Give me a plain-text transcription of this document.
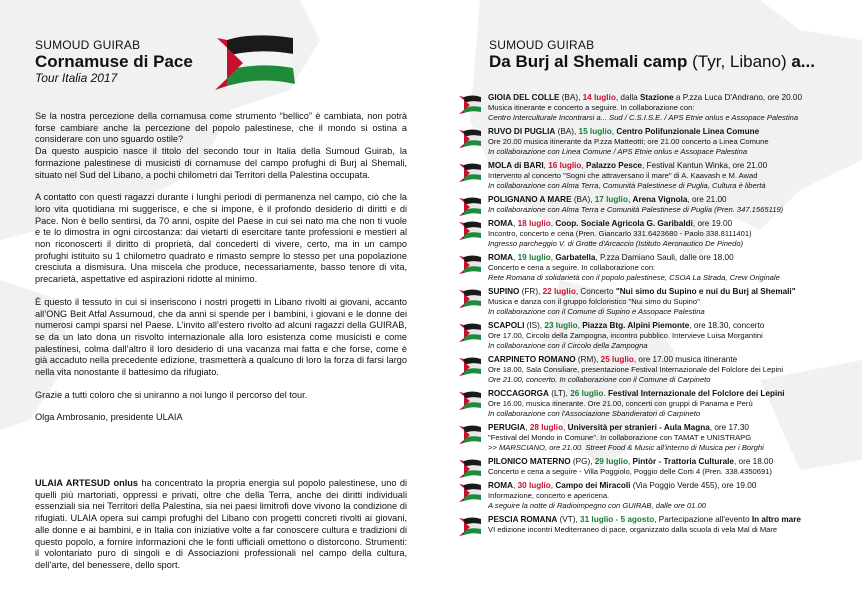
SUMOUD GUIRAB

Cornamuse di Pace

Tour Italia 2017

Se la nostra percezione della cornamusa come strumento “bellico” è cambiata, non potrà forse cambiare anche la percezione del popolo palestinese, che il mondo si ostina a considerare con uno sguardo ostile?

Da questo auspicio nasce il titolo del secondo tour in Italia della Sumoud Guirab, la formazione palestinese di musicisti di cornamuse del campo profughi di Burj al Shemali, situato nel Sud del Libano, a pochi chilometri dai Territori della Palestina occupata.

A contatto con questi ragazzi durante i lunghi periodi di permanenza nel campo, ciò che la loro vita quotidiana mi suggerisce, e che si impone, è il profondo desiderio di diritti e di Pace. Non è bello sentirsi, da 70 anni, ospite del Paese in cui sei nato ma che non ti vuole e te lo dimostra in ogni circostanza: dai vietarti di esercitare tante professioni e mestieri al non riconoscerti il diritto di proprietà, dal concederti di vivere, certo, ma in un campo profughi istituito su 1 chilometro quadrato e rimasto sempre lo stesso per una popolazione cresciuta a dismisura. Una miscela che produce, necessariamente, basso tenore di vita, precarietà, aspettative ed aspirazioni ridotte al minimo.

È questo il tessuto in cui si inseriscono i nostri progetti in Libano rivolti ai giovani, accanto all’ONG Beit Atfal Assumoud, che da anni si spende per i bambini, i giovani e le donne dei numerosi campi sparsi nel Paese. L’invito all’estero rivolto ad alcuni ragazzi della GUIRAB, se da un lato dona un risvolto internazionale alla loro esistenza come musicisti e come palestinesi, colma dall’altro il loro desiderio di una vacanza mai fatta e che forse, come è già accaduto nella precedente edizione, trasmetterà a qualcuno di loro la forza di farsi largo nella vita nonostante il battesimo da rifugiato.

Grazie a tutti coloro che si uniranno a noi lungo il percorso del tour.

Olga Ambrosanio, presidente ULAIA

ULAIA ARTESUD onlus ha concentrato la propria energia sul popolo palestinese, uno di quelli più martoriati, oppressi e privati, oltre che della Terra, anche dei diritti individuali essenziali sia nei Territori della Palestina, sia nei paesi limitrofi dove vivono la condizione di rifugiati. ULAIA opera sui campi profughi del Libano con progetti concreti rivolti ai giovani, alle donne e ai bambini, e in Italia con iniziative volte a far conoscere cultura e tradizioni di questo popolo, a fornire informazioni che le fonti ufficiali omettono o distorcono. Strumenti: il volontariato puro di singoli e di Associazioni professionali nel campo della cultura, dell’arte, del benessere, dello sport.

SUMOUD GUIRAB

Da Burj al Shemali camp (Tyr, Libano) a...

GIOIA DEL COLLE (BA), 14 luglio, dalla Stazione a P.zza Luca D'Andrano, ore 20.00
Musica itinerante e concerto a seguire. In collaborazione con:
Centro Interculturale Incontrarsi a... Sud / C.S.I.S.E. / APS Etnie onlus e Assopace Palestina
RUVO DI PUGLIA (BA), 15 luglio, Centro Polifunzionale Linea Comune
Ore 20.00 musica itinerante da P.zza Matteotti; ore 21.00 concerto a Linea Comune
In collaborazione con Linea Comune / APS Etnie onlus e Assopace Palestina
MOLA di BARI, 16 luglio, Palazzo Pesce, Festival Kantun Winka, ore 21.00
Intervento al concerto "Sogni che attraversano il mare" di A. Kaavash e M. Awad
In collaborazione con Alma Terra, Comunità Palestinese di Puglia, Cultura è libertà
POLIGNANO A MARE (BA), 17 luglio, Arena Vignola, ore 21.00
In collaborazione con Alma Terra e Comunità Palestinese di Puglia (Pren. 347.1565119)
ROMA, 18 luglio, Coop. Sociale Agricola G. Garibaldi, ore 19.00
Incontro, concerto e cena (Pren. Giancarlo 331.6423680 - Paolo 338.8111401)
Ingresso parcheggio V. di Grotte d'Arcaccio (Istituto Aeronautico De Pinedo)
ROMA, 19 luglio, Garbatella, P.zza Damiano Sauli, dalle ore 18.00
Concerto e cena a seguire. In collaborazione con:
Rete Romana di solidarietà con il popolo palestinese, CSOA La Strada, Crew Originale
SUPINO (FR), 22 luglio, Concerto "Nui simo du Supino e nui du Burj al Shemali"
Musica e danza con il gruppo folcloristico "Nui simo du Supino"
In collaborazione con il Comune di Supino e Assopace Palestina
SCAPOLI (IS), 23 luglio, Piazza Btg. Alpini Piemonte, ore 18.30, concerto
Ore 17.00, Circolo della Zampogna, incontro pubblico. Intervieve Luisa Morgantini
In collaborazione con il Circolo della Zampogna
CARPINETO ROMANO (RM), 25 luglio, ore 17.00 musica itinerante
Ore 18.00, Sala Consiliare, presentazione Festival Internazionale del Folclore dei Lepini
Ore 21.00, concerto. In collaborazione con il Comune di Carpineto
ROCCAGORGA (LT), 26 luglio. Festival Internazionale del Folclore dei Lepini
Ore 16.00, musica itinerante. Ore 21.00, concerti con gruppi di Panama e Perù
In collaborazione con l'Associazione Sbandieratori di Carpineto
PERUGIA, 28 luglio, Università per stranieri - Aula Magna, ore 17.30
"Festival del Mondo in Comune". In collaborazione con TAMAT e UNISTRAPG
>> MARSCIANO, ore 21.00. Street Food & Music all'interno di Musica per i Borghi
PILONICO MATERNO (PG), 29 luglio, Pintòr - Trattoria Culturale, ore 18.00
Concerto e cena a seguire - Villa Poggiolo, Poggio delle Corti 4 (Pren. 338.4350691)
ROMA, 30 luglio, Campo dei Miracoli (Via Poggio Verde 455), ore 19.00
Informazione, concerto e apericena.
A seguire la notte di Radioimpegno con GUIRAB, dalle ore 01.00
PESCIA ROMANA (VT), 31 luglio - 5 agosto, Partecipazione all'evento In altro mare
VI edizione incontri Mediterraneo di pace, organizzato dalla scuola di vela Mal di Mare
